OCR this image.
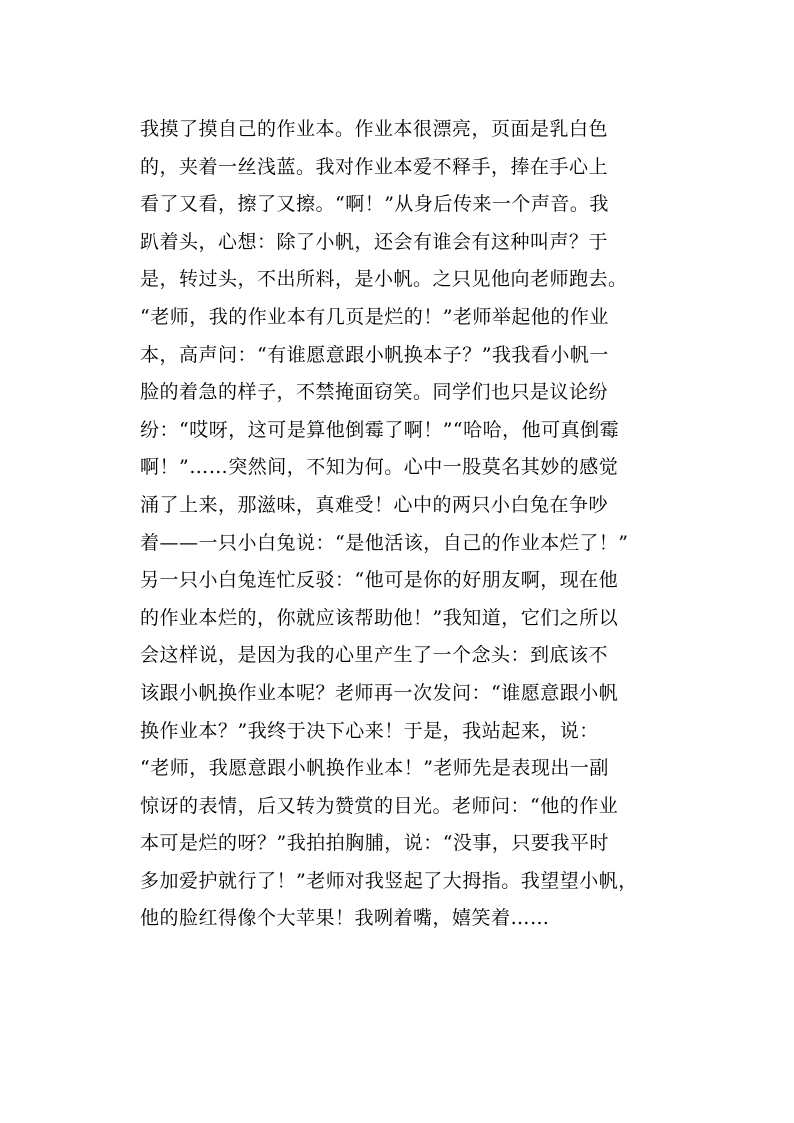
我摸了摸自己的作业本。作业本很漂亮，页面是乳白色
的，夹着一丝浅蓝。我对作业本爱不释手，捧在手心上
看了又看，擦了又擦。“啊！”从身后传来一个声音。我
趴着头，心想：除了小帆，还会有谁会有这种叫声？于
是，转过头，不出所料，是小帆。之只见他向老师跑去。
“老师，我的作业本有几页是烂的！”老师举起他的作业
本，高声问：“有谁愿意跟小帆换本子？”我我看小帆一
脸的着急的样子，不禁掩面窃笑。同学们也只是议论纷
纷：“哎呀，这可是算他倒霉了啊！”“哈哈，他可真倒霉
啊！”……突然间，不知为何。心中一股莫名其妙的感觉
涌了上来，那滋味，真难受！心中的两只小白兔在争吵
着——一只小白兔说：“是他活该，自己的作业本烂了！”
另一只小白兔连忙反驳：“他可是你的好朋友啊，现在他
的作业本烂的，你就应该帮助他！”我知道，它们之所以
会这样说，是因为我的心里产生了一个念头：到底该不
该跟小帆换作业本呢？老师再一次发问：“谁愿意跟小帆
换作业本？”我终于决下心来！于是，我站起来，说：
“老师，我愿意跟小帆换作业本！”老师先是表现出一副
惊讶的表情，后又转为赞赏的目光。老师问：“他的作业
本可是烂的呀？”我拍拍胸脯，说：“没事，只要我平时
多加爱护就行了！”老师对我竖起了大拇指。我望望小帆，
他的脸红得像个大苹果！我咧着嘴，嬉笑着……
